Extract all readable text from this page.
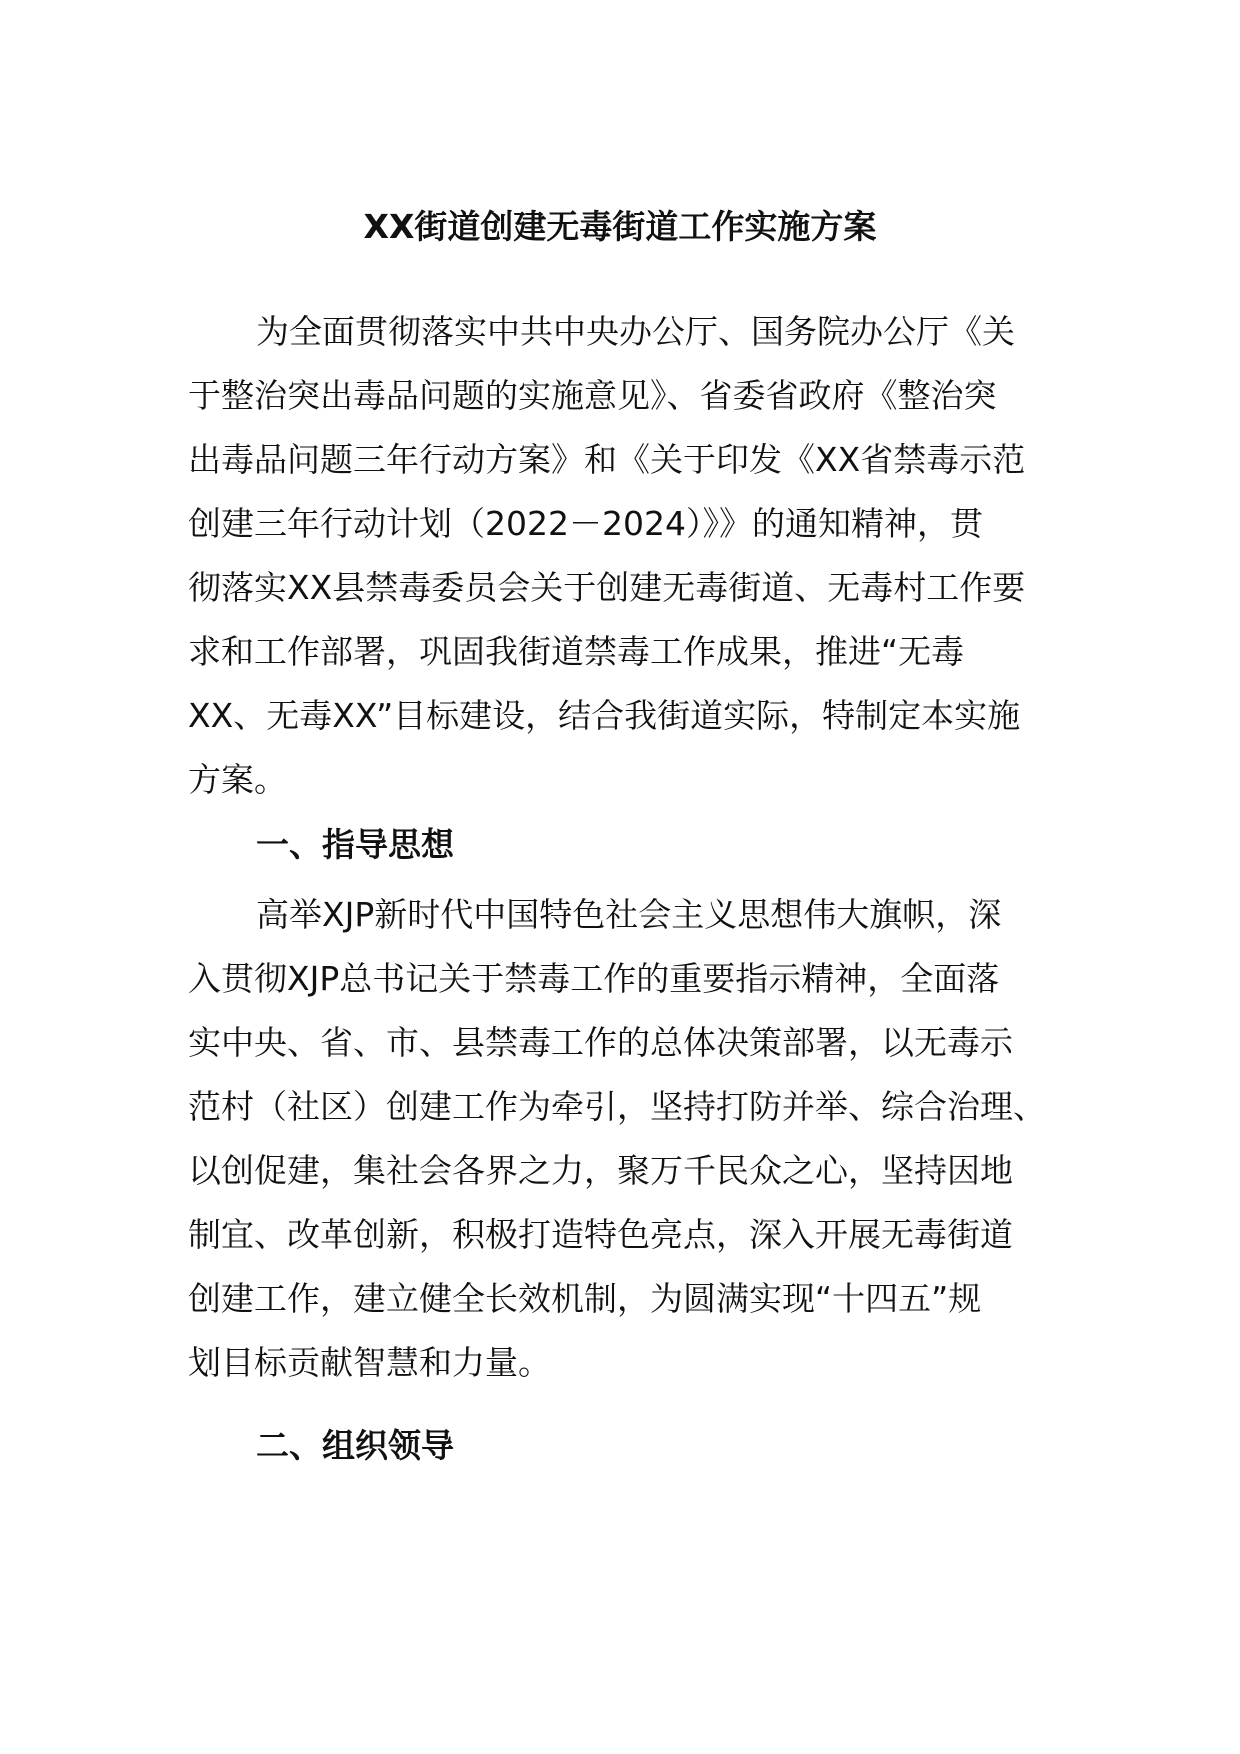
XX街道创建无毒街道工作实施方案
为全面贯彻落实中共中央办公厅、国务院办公厅《关
于整治突出毒品问题的实施意见》、省委省政府《整治突
出毒品问题三年行动方案》和《关于印发《XX省禁毒示范
创建三年行动计划（2022－2024）》》的通知精神，贯
彻落实XX县禁毒委员会关于创建无毒街道、无毒村工作要
求和工作部署，巩固我街道禁毒工作成果，推进“无毒
XX、无毒XX”目标建设，结合我街道实际，特制定本实施
方案。
一、指导思想
高举XJP新时代中国特色社会主义思想伟大旗帜，深
入贯彻XJP总书记关于禁毒工作的重要指示精神，全面落
实中央、省、市、县禁毒工作的总体决策部署，以无毒示
范村（社区）创建工作为牵引，坚持打防并举、综合治理、
以创促建，集社会各界之力，聚万千民众之心，坚持因地
制宜、改革创新，积极打造特色亮点，深入开展无毒街道
创建工作，建立健全长效机制，为圆满实现“十四五”规
划目标贡献智慧和力量。
二、组织领导
